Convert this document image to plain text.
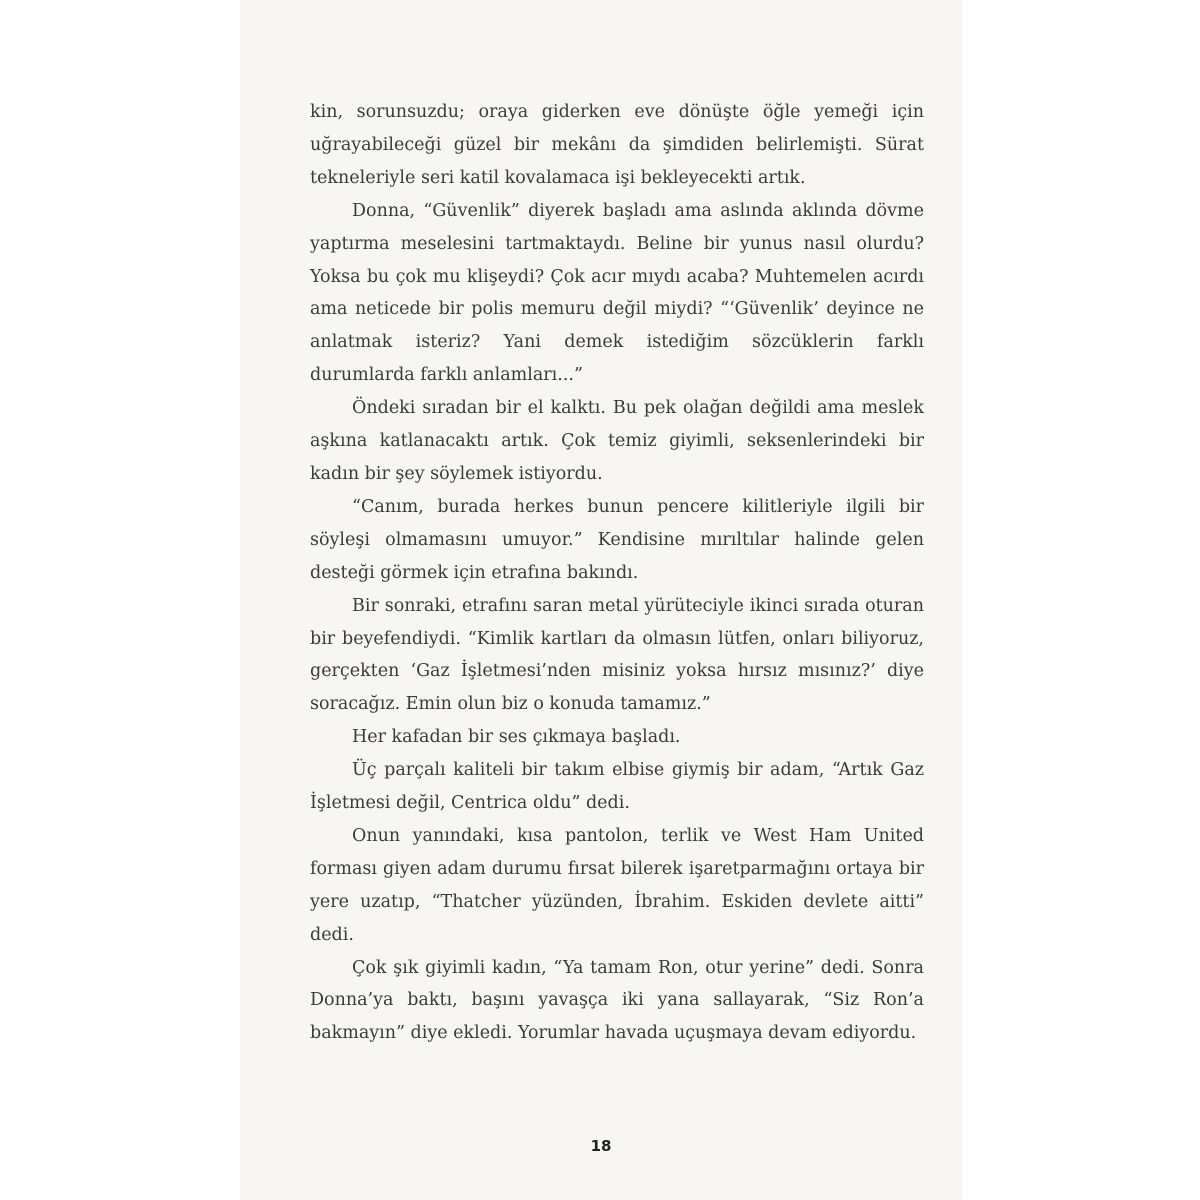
kin, sorunsuzdu; oraya giderken eve dönüşte öğle yemeği için uğrayabileceği güzel bir mekânı da şimdiden belirlemişti. Sürat tekneleriyle seri katil kovalamaca işi bekleyecekti artık.

Donna, “Güvenlik” diyerek başladı ama aslında aklında dövme yaptırma meselesini tartmaktaydı. Beline bir yunus nasıl olurdu? Yoksa bu çok mu klişeydi? Çok acır mıydı acaba? Muhtemelen acırdı ama neticede bir polis memuru değil miydi? “‘Güvenlik’ deyince ne anlatmak isteriz? Yani demek istediğim sözcüklerin farklı durumlarda farklı anlamları...”

Öndeki sıradan bir el kalktı. Bu pek olağan değildi ama meslek aşkına katlanacaktı artık. Çok temiz giyimli, seksenlerindeki bir kadın bir şey söylemek istiyordu.

“Canım, burada herkes bunun pencere kilitleriyle ilgili bir söyleşi olmamasını umuyor.” Kendisine mırıltılar halinde gelen desteği görmek için etrafına bakındı.

Bir sonraki, etrafını saran metal yürüteciyle ikinci sırada oturan bir beyefendiydi. “Kimlik kartları da olmasın lütfen, onları biliyoruz, gerçekten ‘Gaz İşletmesi’nden misiniz yoksa hırsız mısınız?’ diye soracağız. Emin olun biz o konuda tamamız.”

Her kafadan bir ses çıkmaya başladı.

Üç parçalı kaliteli bir takım elbise giymiş bir adam, “Artık Gaz İşletmesi değil, Centrica oldu” dedi.

Onun yanındaki, kısa pantolon, terlik ve West Ham United forması giyen adam durumu fırsat bilerek işaretparmağını ortaya bir yere uzatıp, “Thatcher yüzünden, İbrahim. Eskiden devlete aitti” dedi.

Çok şık giyimli kadın, “Ya tamam Ron, otur yerine” dedi. Sonra Donna’ya baktı, başını yavaşça iki yana sallayarak, “Siz Ron’a bakmayın” diye ekledi. Yorumlar havada uçuşmaya devam ediyordu.

18
